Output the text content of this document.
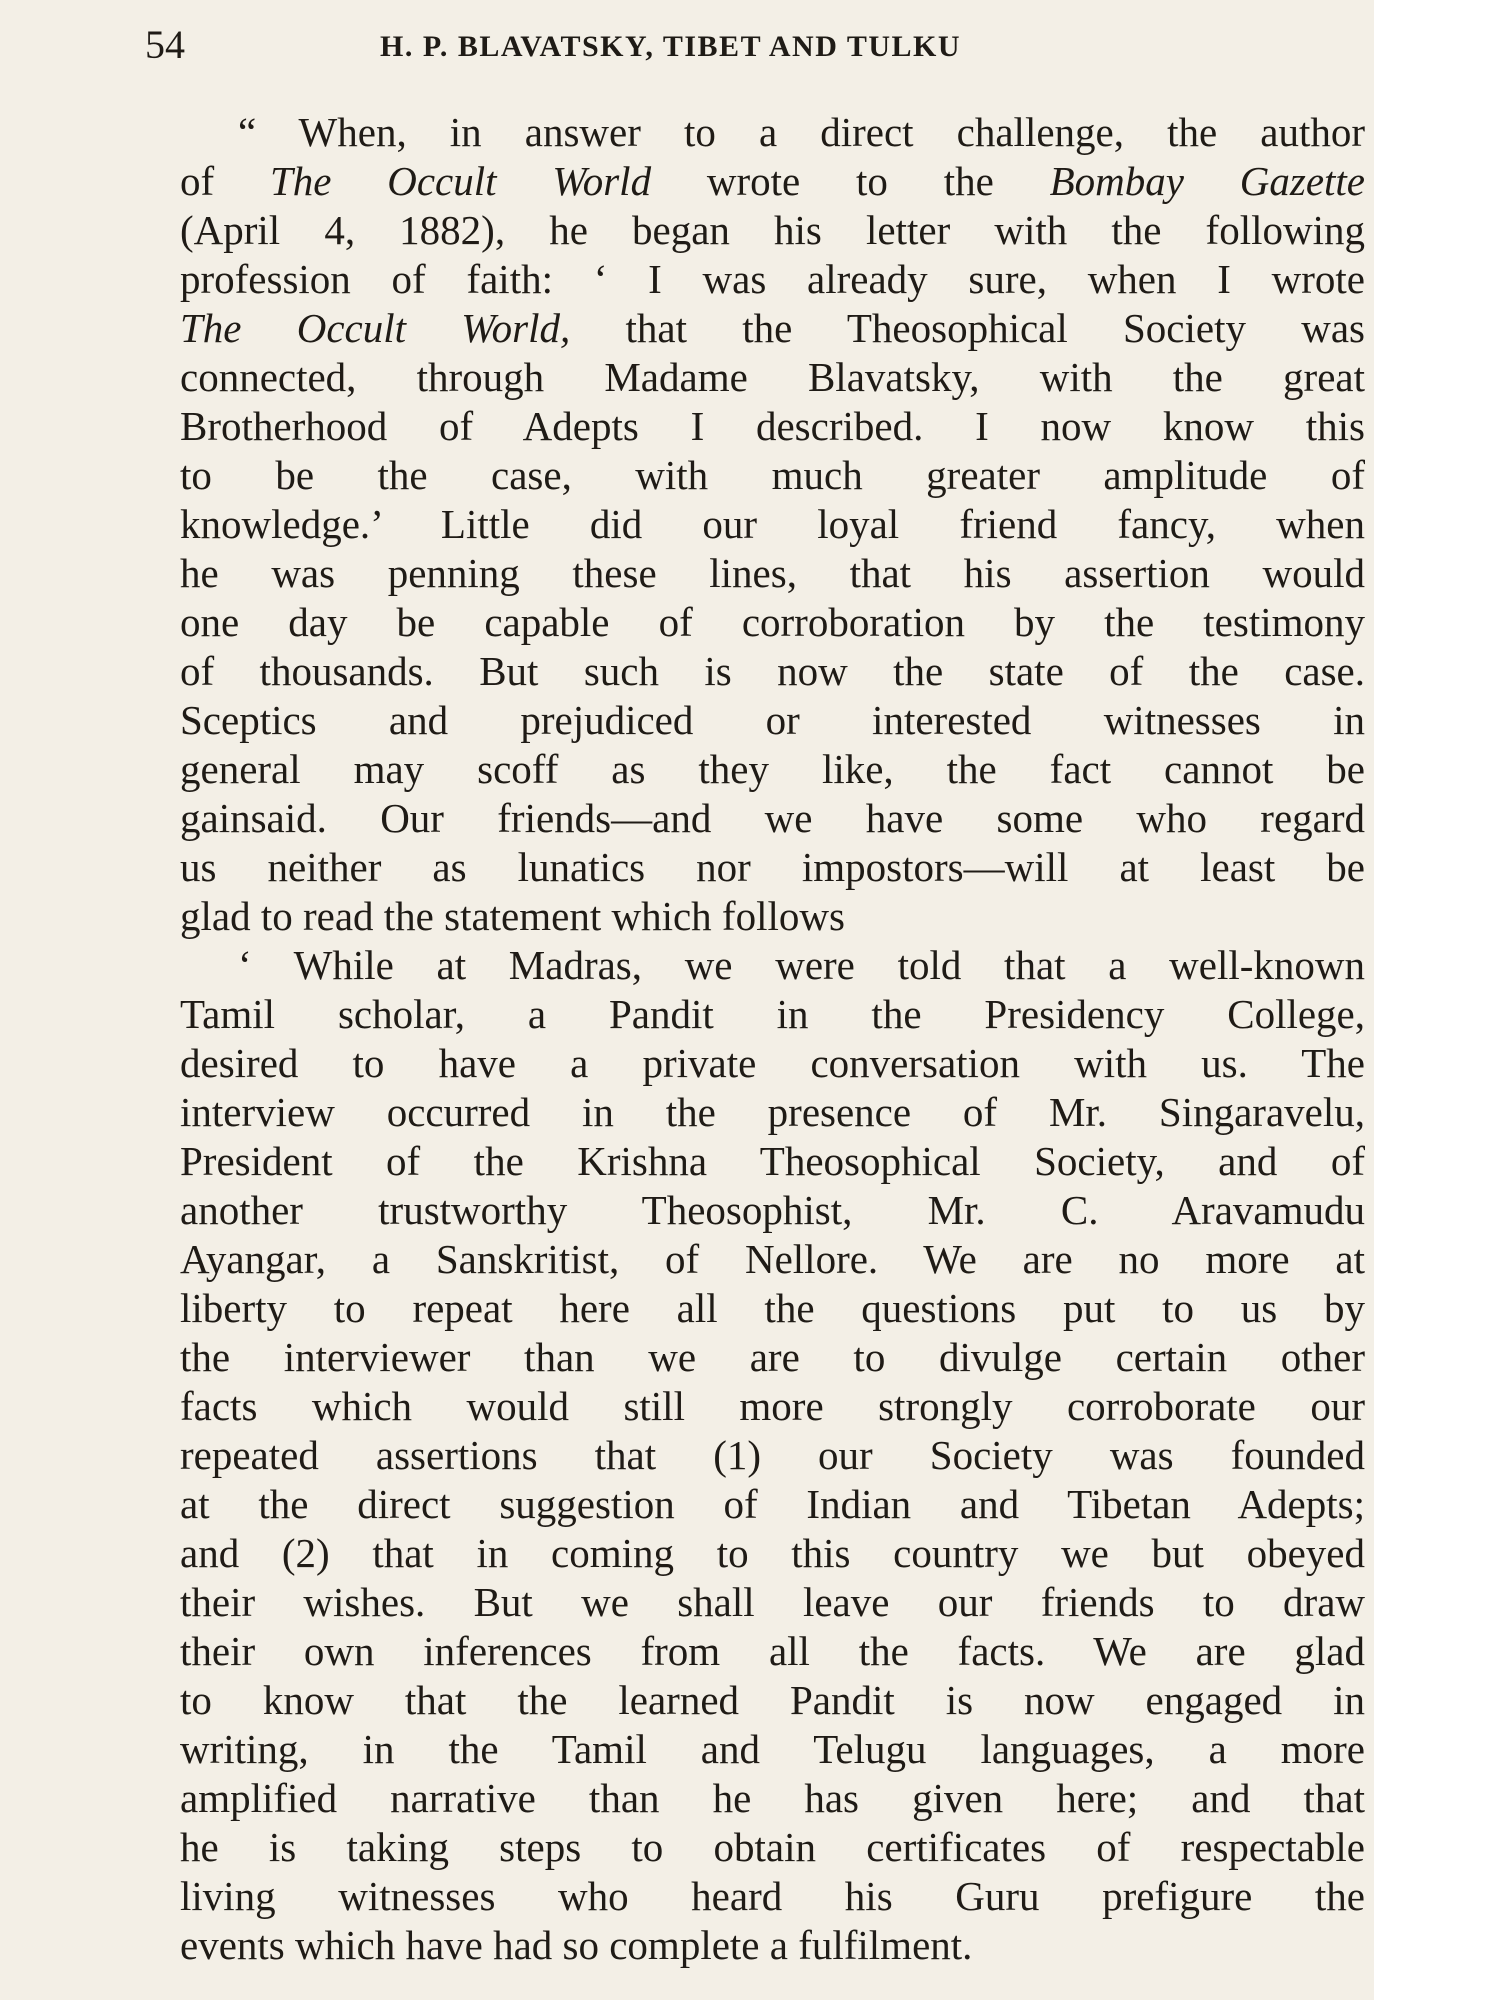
54	H. P. BLAVATSKY, TIBET AND TULKU
“ When, in answer to a direct challenge, the author
of The Occult World wrote to the Bombay Gazette
(April 4, 1882), he began his letter with the following
profession of faith: ‘ I was already sure, when I wrote
The Occult World, that the Theosophical Society was
connected, through Madame Blavatsky, with the great
Brotherhood of Adepts I described. I now know this
to be the case, with much greater amplitude of
knowledge.’ Little did our loyal friend fancy, when
he was penning these lines, that his assertion would
one day be capable of corroboration by the testimony
of thousands. But such is now the state of the case.
Sceptics and prejudiced or interested witnesses in
general may scoff as they like, the fact cannot be
gainsaid. Our friends—and we have some who regard
us neither as lunatics nor impostors—will at least be
glad to read the statement which follows
‘ While at Madras, we were told that a well-known
Tamil scholar, a Pandit in the Presidency College,
desired to have a private conversation with us. The
interview occurred in the presence of Mr. Singaravelu,
President of the Krishna Theosophical Society, and of
another trustworthy Theosophist, Mr. C. Aravamudu
Ayangar, a Sanskritist, of Nellore. We are no more at
liberty to repeat here all the questions put to us by
the interviewer than we are to divulge certain other
facts which would still more strongly corroborate our
repeated assertions that (1) our Society was founded
at the direct suggestion of Indian and Tibetan Adepts;
and (2) that in coming to this country we but obeyed
their wishes. But we shall leave our friends to draw
their own inferences from all the facts. We are glad
to know that the learned Pandit is now engaged in
writing, in the Tamil and Telugu languages, a more
amplified narrative than he has given here; and that
he is taking steps to obtain certificates of respectable
living witnesses who heard his Guru prefigure the
events which have had so complete a fulfilment.
